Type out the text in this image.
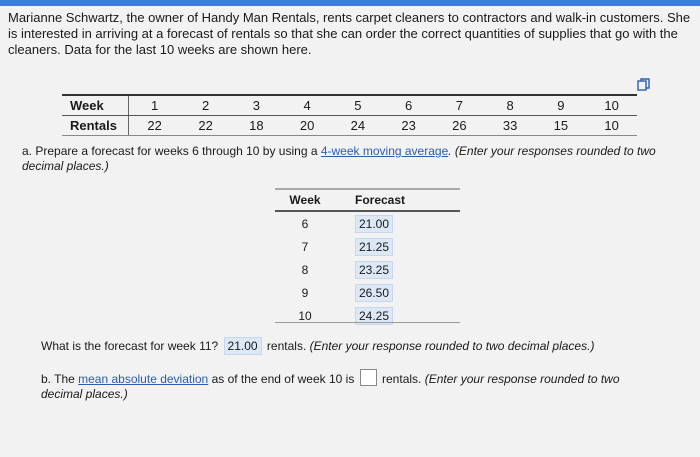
Marianne Schwartz, the owner of Handy Man Rentals, rents carpet cleaners to contractors and walk-in customers. She is interested in arriving at a forecast of rentals so that she can order the correct quantities of supplies that go with the cleaners. Data for the last 10 weeks are shown here.
Week	1	2	3	4	5	6	7	8	9	10
Rentals	22	22	18	20	24	23	26	33	15	10
a. Prepare a forecast for weeks 6 through 10 by using a 4-week moving average. (Enter your responses rounded to two decimal places.)
Week	Forecast
6	21.00
7	21.25
8	23.25
9	26.50
10	24.25
What is the forecast for week 11? 21.00 rentals. (Enter your response rounded to two decimal places.)
b. The mean absolute deviation as of the end of week 10 is rentals. (Enter your response rounded to two decimal places.)
